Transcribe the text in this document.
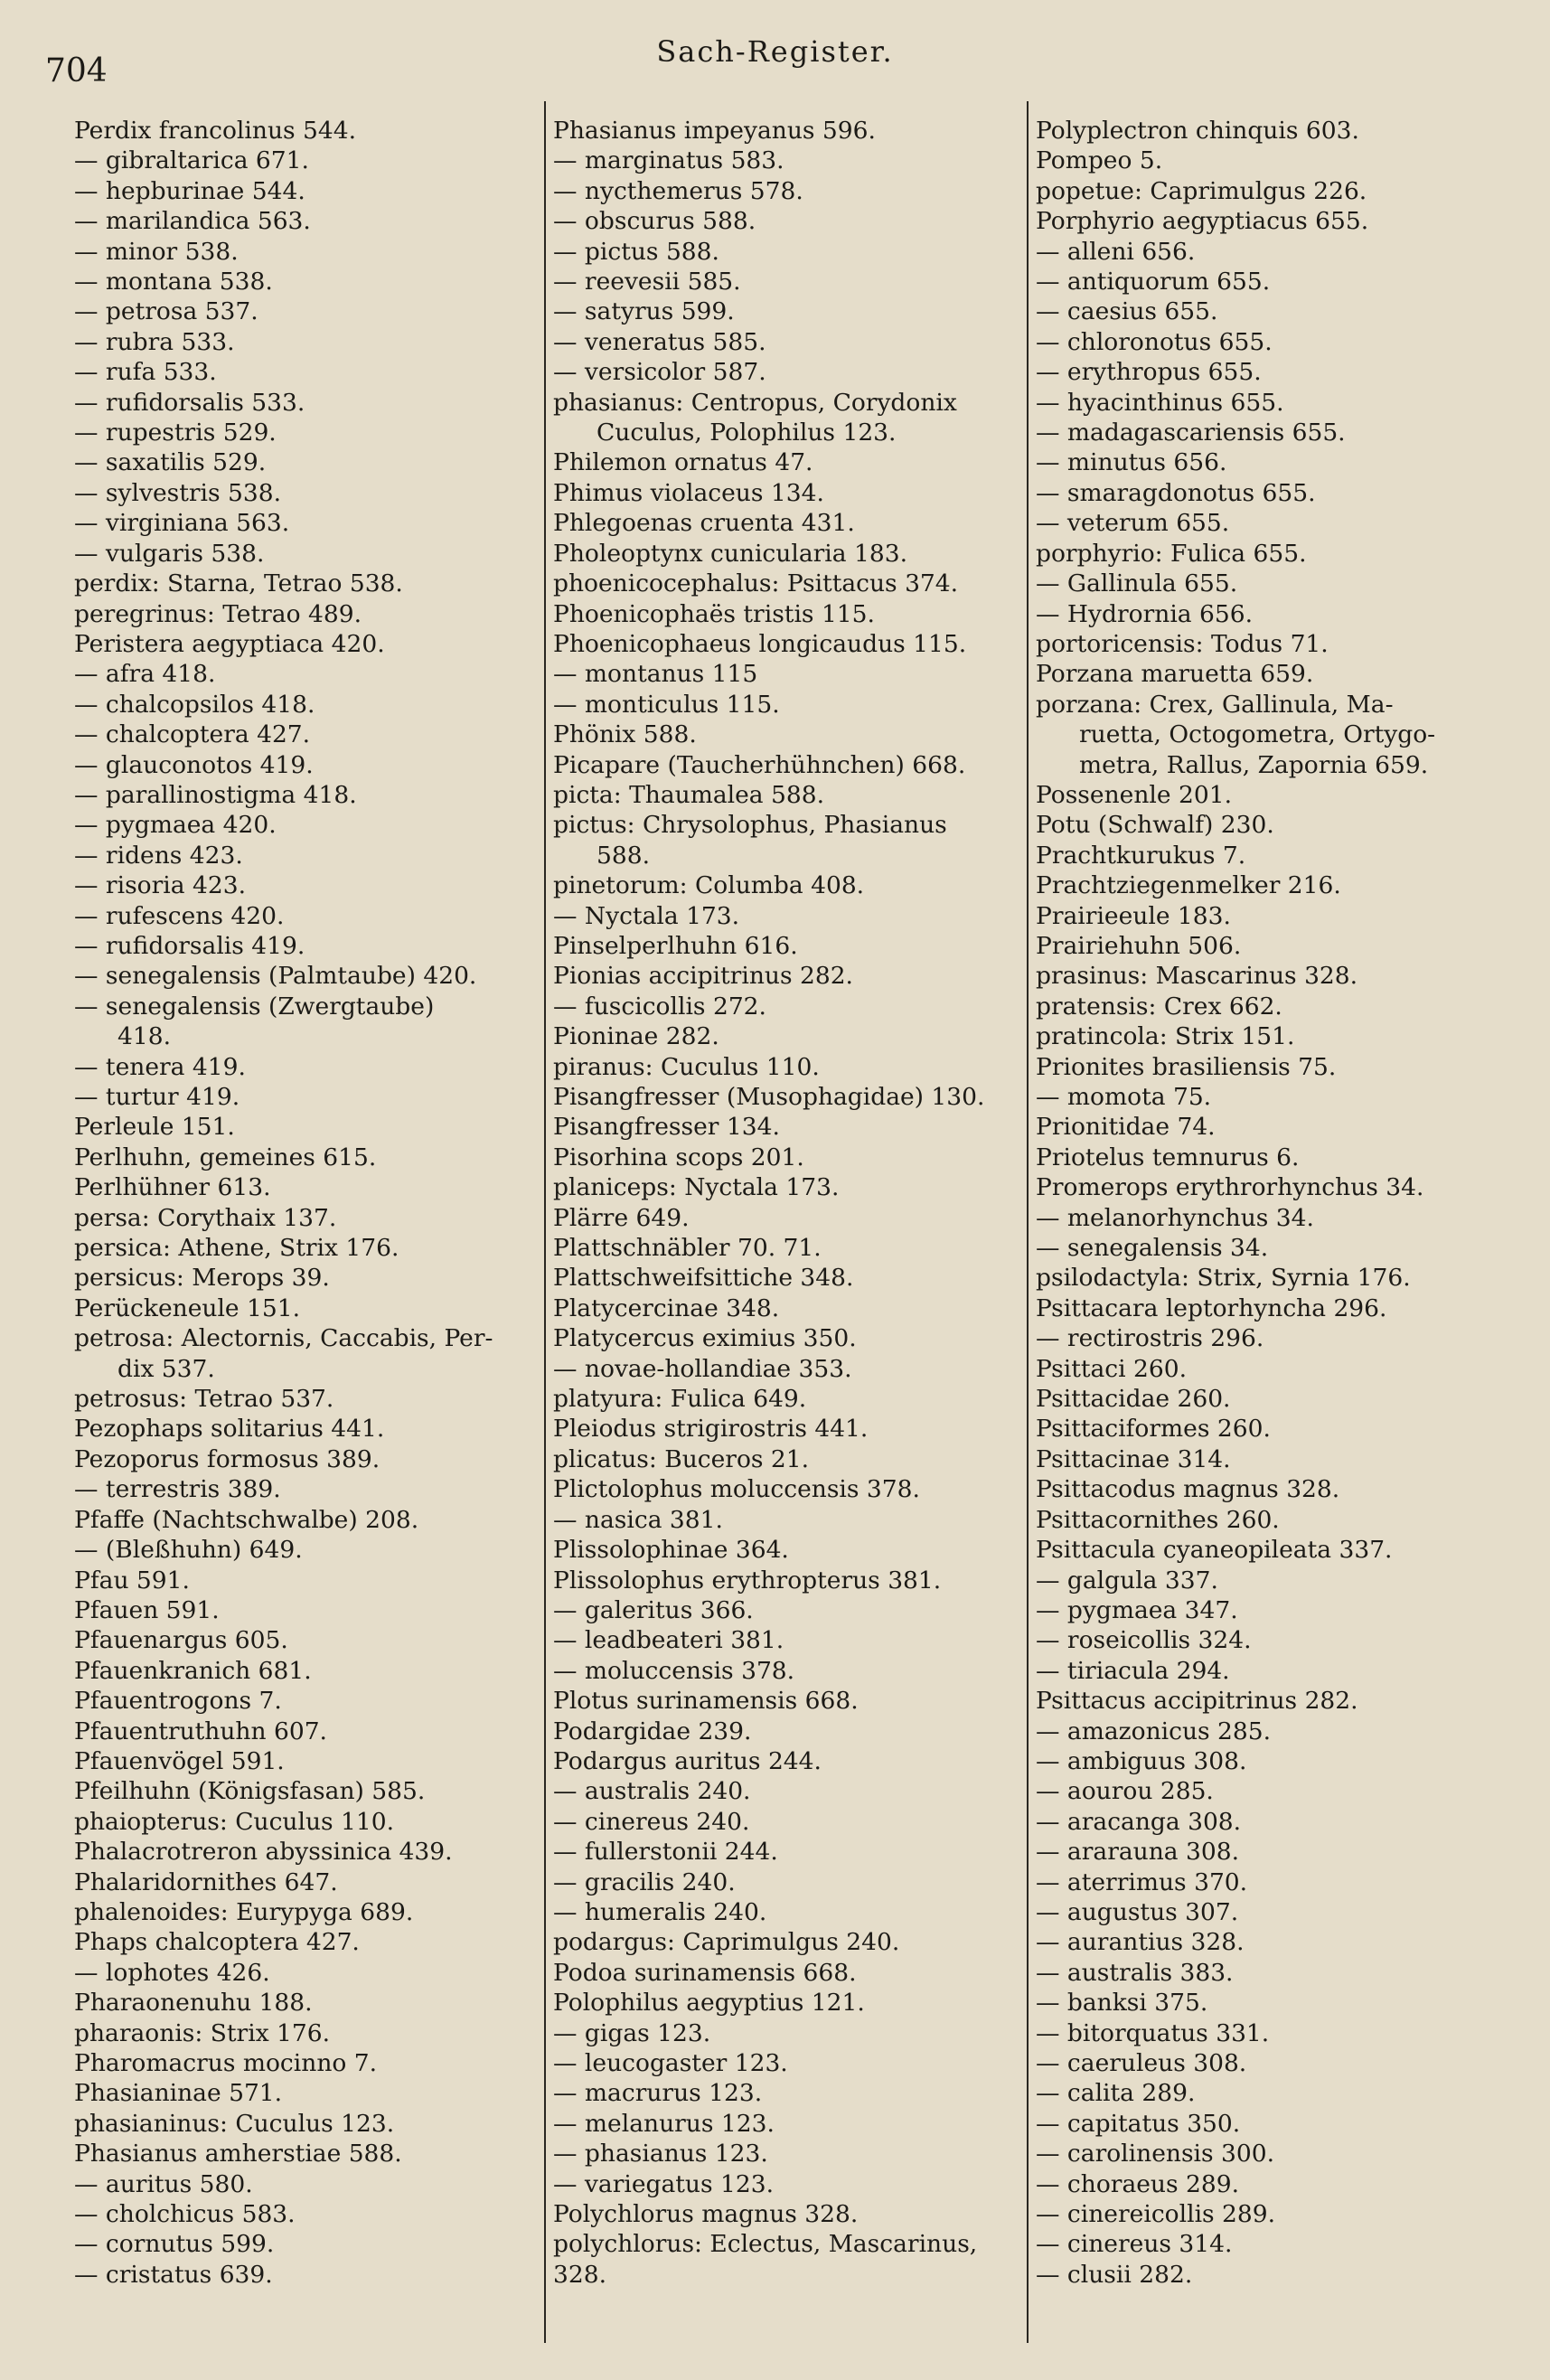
704
Sach-Register.
Perdix francolinus 544.
— gibraltarica 671.
— hepburinae 544.
— marilandica 563.
— minor 538.
— montana 538.
— petrosa 537.
— rubra 533.
— rufa 533.
— rufidorsalis 533.
— rupestris 529.
— saxatilis 529.
— sylvestris 538.
— virginiana 563.
— vulgaris 538.
perdix: Starna, Tetrao 538.
peregrinus: Tetrao 489.
Peristera aegyptiaca 420.
— afra 418.
— chalcopsilos 418.
— chalcoptera 427.
— glauconotos 419.
— parallinostigma 418.
— pygmaea 420.
— ridens 423.
— risoria 423.
— rufescens 420.
— rufidorsalis 419.
— senegalensis (Palmtaube) 420.
— senegalensis (Zwergtaube)
418.
— tenera 419.
— turtur 419.
Perleule 151.
Perlhuhn, gemeines 615.
Perlhühner 613.
persa: Corythaix 137.
persica: Athene, Strix 176.
persicus: Merops 39.
Perückeneule 151.
petrosa: Alectornis, Caccabis, Per-
dix 537.
petrosus: Tetrao 537.
Pezophaps solitarius 441.
Pezoporus formosus 389.
— terrestris 389.
Pfaffe (Nachtschwalbe) 208.
— (Bleßhuhn) 649.
Pfau 591.
Pfauen 591.
Pfauenargus 605.
Pfauenkranich 681.
Pfauentrogons 7.
Pfauentruthuhn 607.
Pfauenvögel 591.
Pfeilhuhn (Königsfasan) 585.
phaiopterus: Cuculus 110.
Phalacrotreron abyssinica 439.
Phalaridornithes 647.
phalenoides: Eurypyga 689.
Phaps chalcoptera 427.
— lophotes 426.
Pharaonenuhu 188.
pharaonis: Strix 176.
Pharomacrus mocinno 7.
Phasianinae 571.
phasianinus: Cuculus 123.
Phasianus amherstiae 588.
— auritus 580.
— cholchicus 583.
— cornutus 599.
— cristatus 639.
Phasianus impeyanus 596.
— marginatus 583.
— nycthemerus 578.
— obscurus 588.
— pictus 588.
— reevesii 585.
— satyrus 599.
— veneratus 585.
— versicolor 587.
phasianus: Centropus, Corydonix
Cuculus, Polophilus 123.
Philemon ornatus 47.
Phimus violaceus 134.
Phlegoenas cruenta 431.
Pholeoptynx cunicularia 183.
phoenicocephalus: Psittacus 374.
Phoenicophaës tristis 115.
Phoenicophaeus longicaudus 115.
— montanus 115
— monticulus 115.
Phönix 588.
Picapare (Taucherhühnchen) 668.
picta: Thaumalea 588.
pictus: Chrysolophus, Phasianus
588.
pinetorum: Columba 408.
— Nyctala 173.
Pinselperlhuhn 616.
Pionias accipitrinus 282.
— fuscicollis 272.
Pioninae 282.
piranus: Cuculus 110.
Pisangfresser (Musophagidae) 130.
Pisangfresser 134.
Pisorhina scops 201.
planiceps: Nyctala 173.
Plärre 649.
Plattschnäbler 70. 71.
Plattschweifsittiche 348.
Platycercinae 348.
Platycercus eximius 350.
— novae-hollandiae 353.
platyura: Fulica 649.
Pleiodus strigirostris 441.
plicatus: Buceros 21.
Plictolophus moluccensis 378.
— nasica 381.
Plissolophinae 364.
Plissolophus erythropterus 381.
— galeritus 366.
— leadbeateri 381.
— moluccensis 378.
Plotus surinamensis 668.
Podargidae 239.
Podargus auritus 244.
— australis 240.
— cinereus 240.
— fullerstonii 244.
— gracilis 240.
— humeralis 240.
podargus: Caprimulgus 240.
Podoa surinamensis 668.
Polophilus aegyptius 121.
— gigas 123.
— leucogaster 123.
— macrurus 123.
— melanurus 123.
— phasianus 123.
— variegatus 123.
Polychlorus magnus 328.
polychlorus: Eclectus, Mascarinus,
328.
Polyplectron chinquis 603.
Pompeo 5.
popetue: Caprimulgus 226.
Porphyrio aegyptiacus 655.
— alleni 656.
— antiquorum 655.
— caesius 655.
— chloronotus 655.
— erythropus 655.
— hyacinthinus 655.
— madagascariensis 655.
— minutus 656.
— smaragdonotus 655.
— veterum 655.
porphyrio: Fulica 655.
— Gallinula 655.
— Hydrornia 656.
portoricensis: Todus 71.
Porzana maruetta 659.
porzana: Crex, Gallinula, Ma-
ruetta, Octogometra, Ortygo-
metra, Rallus, Zapornia 659.
Possenenle 201.
Potu (Schwalf) 230.
Prachtkurukus 7.
Prachtziegenmelker 216.
Prairieeule 183.
Prairiehuhn 506.
prasinus: Mascarinus 328.
pratensis: Crex 662.
pratincola: Strix 151.
Prionites brasiliensis 75.
— momota 75.
Prionitidae 74.
Priotelus temnurus 6.
Promerops erythrorhynchus 34.
— melanorhynchus 34.
— senegalensis 34.
psilodactyla: Strix, Syrnia 176.
Psittacara leptorhyncha 296.
— rectirostris 296.
Psittaci 260.
Psittacidae 260.
Psittaciformes 260.
Psittacinae 314.
Psittacodus magnus 328.
Psittacornithes 260.
Psittacula cyaneopileata 337.
— galgula 337.
— pygmaea 347.
— roseicollis 324.
— tiriacula 294.
Psittacus accipitrinus 282.
— amazonicus 285.
— ambiguus 308.
— aourou 285.
— aracanga 308.
— ararauna 308.
— aterrimus 370.
— augustus 307.
— aurantius 328.
— australis 383.
— banksi 375.
— bitorquatus 331.
— caeruleus 308.
— calita 289.
— capitatus 350.
— carolinensis 300.
— choraeus 289.
— cinereicollis 289.
— cinereus 314.
— clusii 282.
